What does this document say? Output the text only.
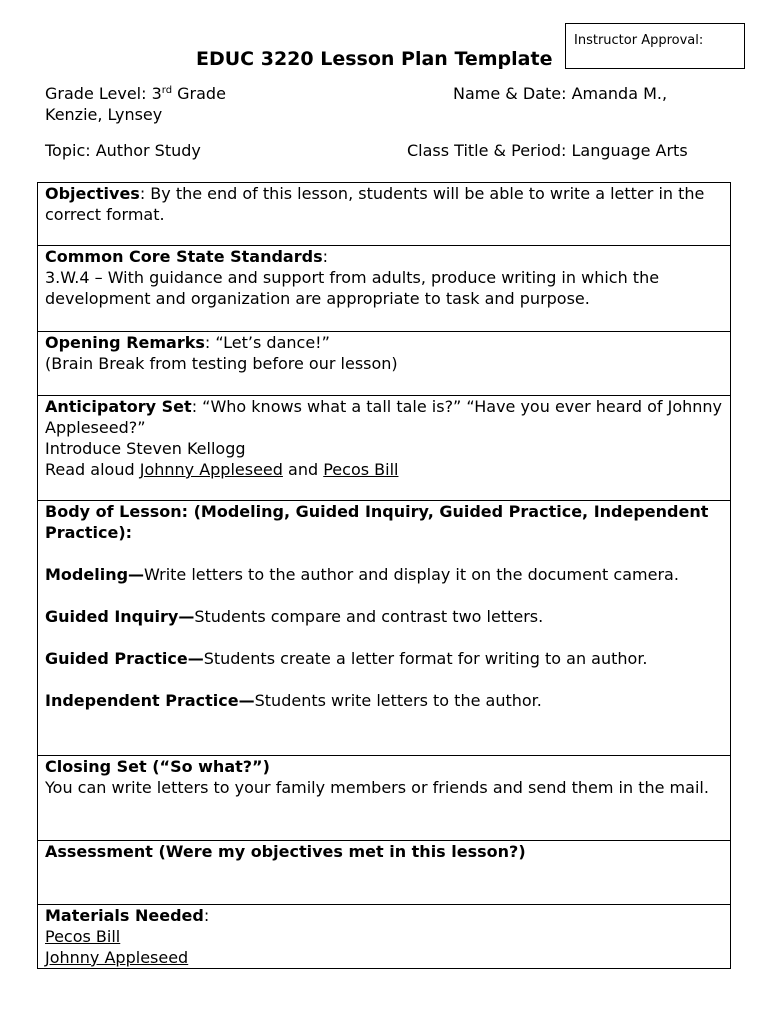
Instructor Approval:
EDUC 3220 Lesson Plan Template
Grade Level: 3rd Grade	Name & Date: Amanda M.,
Kenzie, Lynsey
Topic: Author Study	Class Title & Period: Language Arts

Objectives: By the end of this lesson, students will be able to write a letter in the correct format.

Common Core State Standards:

3.W.4 – With guidance and support from adults, produce writing in which the development and organization are appropriate to task and purpose.

Opening Remarks: “Let’s dance!”

(Brain Break from testing before our lesson)

Anticipatory Set: “Who knows what a tall tale is?” “Have you ever heard of Johnny Appleseed?”

Introduce Steven Kellogg

Read aloud Johnny Appleseed and Pecos Bill

Body of Lesson: (Modeling, Guided Inquiry, Guided Practice, Independent Practice):

Modeling—Write letters to the author and display it on the document camera.

Guided Inquiry—Students compare and contrast two letters.

Guided Practice—Students create a letter format for writing to an author.

Independent Practice—Students write letters to the author.

Closing Set (“So what?”)

You can write letters to your family members or friends and send them in the mail.

Assessment (Were my objectives met in this lesson?)

Materials Needed:

Pecos Bill

Johnny Appleseed
